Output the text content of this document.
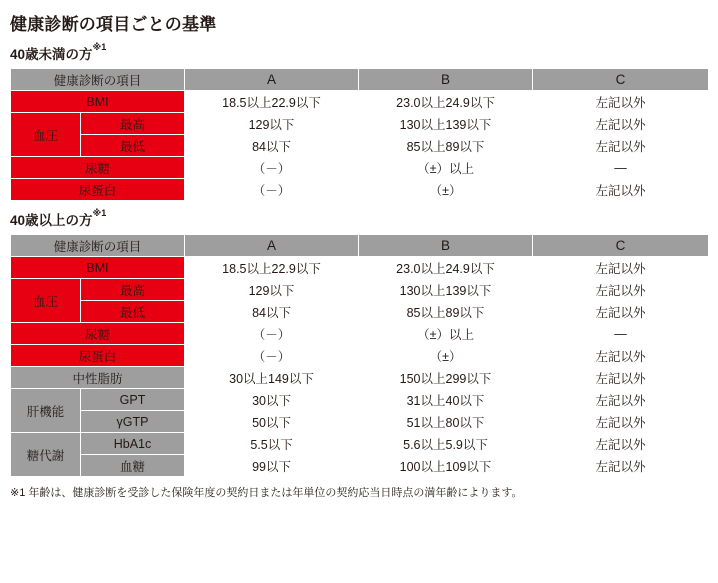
健康診断の項目ごとの基準
40歳未満の方$^{※1}$
健康診断の項目		A	B	C
BMI		18.5以上22.9以下	23.0以上24.9以下	左記以外
血圧	最高	129以下	130以上139以下	左記以外
	最低	84以下	85以上89以下	左記以外
尿糖		（－）	（±）以上	—
尿蛋白		（－）	（±）	左記以外
40歳以上の方$^{※1}$
健康診断の項目		A	B	C
BMI		18.5以上22.9以下	23.0以上24.9以下	左記以外
血圧	最高	129以下	130以上139以下	左記以外
	最低	84以下	85以上89以下	左記以外
尿糖		（－）	（±）以上	—
尿蛋白		（－）	（±）	左記以外
中性脂肪		30以上149以下	150以上299以下	左記以外
肝機能	GPT	30以下	31以上40以下	左記以外
	γGTP	50以下	51以上80以下	左記以外
糖代謝	HbA1c	5.5以下	5.6以上5.9以下	左記以外
	血糖	99以下	100以上109以下	左記以外
※1 年齢は、健康診断を受診した保険年度の契約日または年単位の契約応当日時点の満年齢によります。
